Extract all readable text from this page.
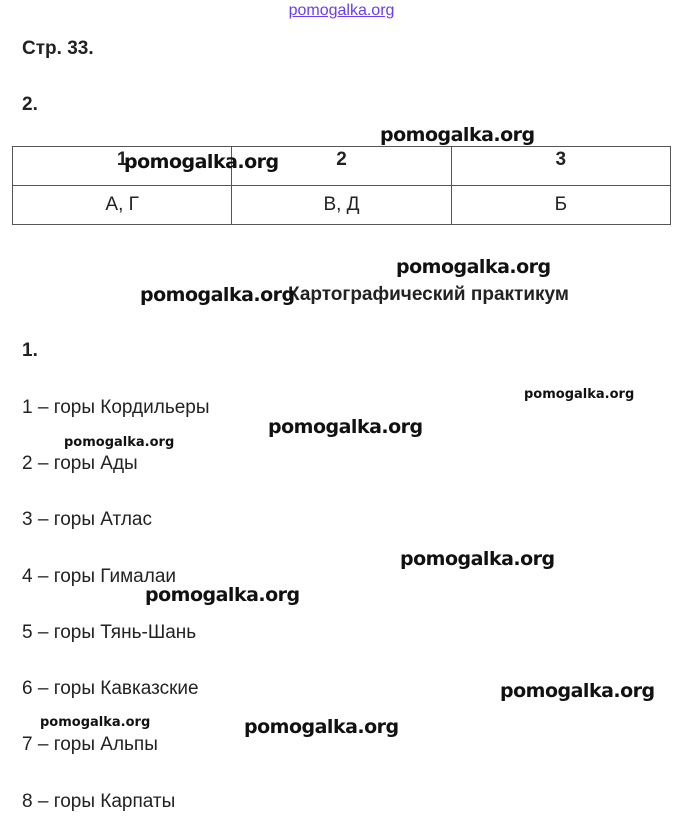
pomogalka.org
Стр. 33.
2.
1	2	3
А, Г	В, Д	Б
Картографический практикум
1.
1 – горы Кордильеры
2 – горы Ады
3 – горы Атлас
4 – горы Гималаи
5 – горы Тянь-Шань
6 – горы Кавказские
7 – горы Альпы
8 – горы Карпаты
pomogalka.org
pomogalka.org
pomogalka.org
pomogalka.org
pomogalka.org
pomogalka.org
pomogalka.org
pomogalka.org
pomogalka.org
pomogalka.org
pomogalka.org	pomogalka.org
